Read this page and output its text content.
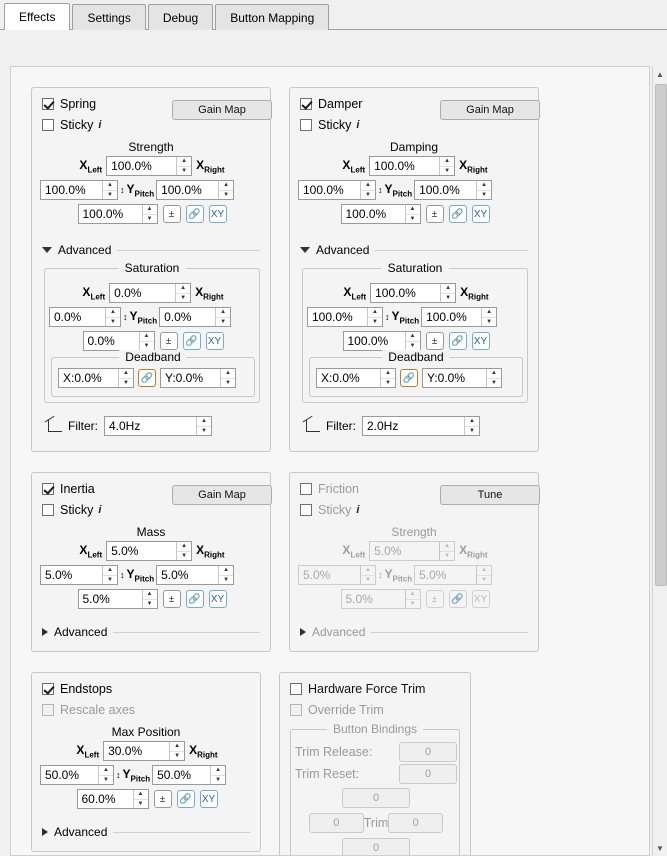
Effects	Settings	Debug	Button Mapping
▲
▼
Spring
Sticky i
Gain Map
Strength
$X_{Left}$ 100.0%	▲
▼ $X_{Right}$
100.0%	▲
▼ ↕ $Y_{Pitch}$ 100.0%	▲
▼
100.0%	▲
▼	±	🔗 XY
Advanced
Saturation
$X_{Left}$ 0.0%	▲
▼ $X_{Right}$
0.0%	▲
▼ ↕ $Y_{Pitch}$ 0.0%	▲
▼
0.0%	▲
▼	±	🔗 XY
Deadband
X:0.0%	▲
▼	🔗 Y:0.0%	▲
▼
Filter: 4.0Hz	▲
▼
Damper
Sticky i
Gain Map
Damping
$X_{Left}$ 100.0%	▲
▼ $X_{Right}$
100.0%	▲
▼ ↕ $Y_{Pitch}$ 100.0%	▲
▼
100.0%	▲
▼	±	🔗 XY
Advanced
Saturation
$X_{Left}$ 100.0%	▲
▼ $X_{Right}$
100.0%	▲
▼ ↕ $Y_{Pitch}$ 100.0%	▲
▼
100.0%	▲
▼	±	🔗 XY
Deadband
X:0.0%	▲
▼	🔗 Y:0.0%	▲
▼
Filter: 2.0Hz	▲
▼
Inertia
Sticky i
Gain Map
Mass
$X_{Left}$ 5.0%	▲
▼ $X_{Right}$
5.0%	▲
▼ ↕ $Y_{Pitch}$ 5.0%	▲
▼
5.0%	▲
▼	±	🔗 XY
Advanced
Friction
Sticky i
Tune
Strength
$X_{Left}$ 5.0%	▲
▼ $X_{Right}$
5.0%	▲
▼ ↕ $Y_{Pitch}$ 5.0%	▲
▼
5.0%	▲
▼	±	🔗 XY
Advanced
Endstops
Rescale axes
Max Position
$X_{Left}$ 30.0%	▲
▼ $X_{Right}$
50.0%	▲
▼ ↕ $Y_{Pitch}$ 50.0%	▲
▼
60.0%	▲
▼	±	🔗 XY
Advanced
Hardware Force Trim
Override Trim
Button Bindings
Trim Release:	0
Trim Reset:	0
0
0	Trim	0
0
